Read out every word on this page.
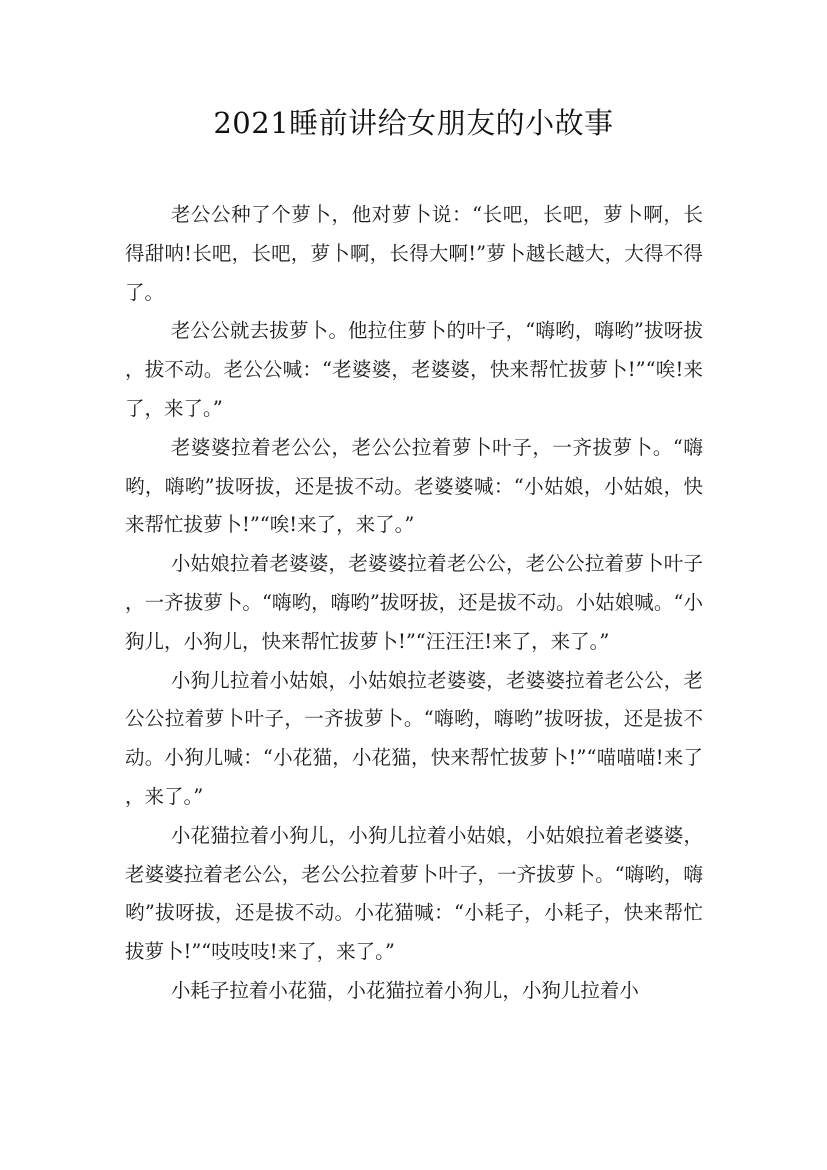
2021睡前讲给女朋友的小故事

老公公种了个萝卜，他对萝卜说：“长吧，长吧，萝卜啊，长得甜呐!长吧，长吧，萝卜啊，长得大啊!”萝卜越长越大，大得不得了。

老公公就去拔萝卜。他拉住萝卜的叶子，“嗨哟，嗨哟”拔呀拔，拔不动。老公公喊：“老婆婆，老婆婆，快来帮忙拔萝卜!”“唉!来了，来了。”

老婆婆拉着老公公，老公公拉着萝卜叶子，一齐拔萝卜。“嗨哟，嗨哟”拔呀拔，还是拔不动。老婆婆喊：“小姑娘，小姑娘，快来帮忙拔萝卜!”“唉!来了，来了。”

小姑娘拉着老婆婆，老婆婆拉着老公公，老公公拉着萝卜叶子，一齐拔萝卜。“嗨哟，嗨哟”拔呀拔，还是拔不动。小姑娘喊。“小狗儿，小狗儿，快来帮忙拔萝卜!”“汪汪汪!来了，来了。”

小狗儿拉着小姑娘，小姑娘拉老婆婆，老婆婆拉着老公公，老公公拉着萝卜叶子，一齐拔萝卜。“嗨哟，嗨哟”拔呀拔，还是拔不动。小狗儿喊：“小花猫，小花猫，快来帮忙拔萝卜!”“喵喵喵!来了，来了。”

小花猫拉着小狗儿，小狗儿拉着小姑娘，小姑娘拉着老婆婆，老婆婆拉着老公公，老公公拉着萝卜叶子，一齐拔萝卜。“嗨哟，嗨哟”拔呀拔，还是拔不动。小花猫喊：“小耗子，小耗子，快来帮忙拔萝卜!”“吱吱吱!来了，来了。”

小耗子拉着小花猫，小花猫拉着小狗儿，小狗儿拉着小
